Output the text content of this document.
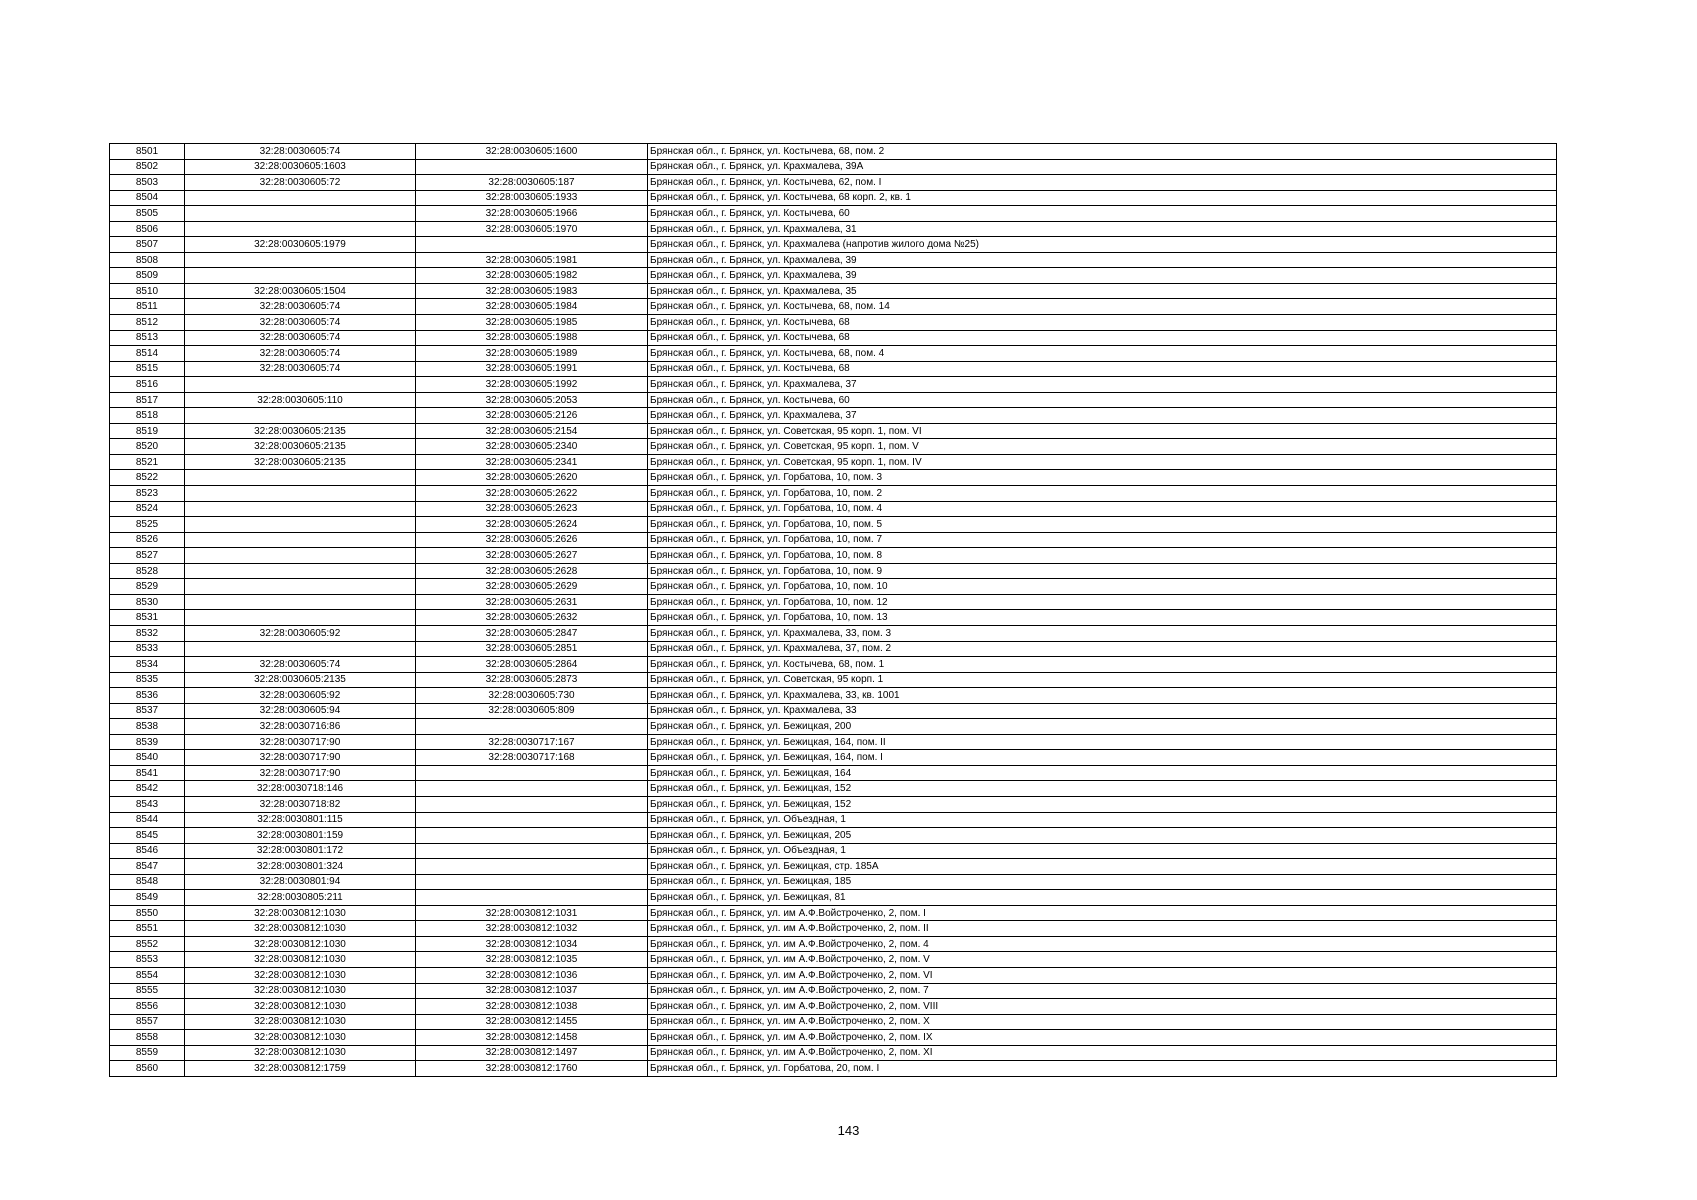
8501	32:28:0030605:74	32:28:0030605:1600	Брянская обл., г. Брянск, ул. Костычева, 68, пом. 2
8502	32:28:0030605:1603		Брянская обл., г. Брянск, ул. Крахмалева, 39А
8503	32:28:0030605:72	32:28:0030605:187	Брянская обл., г. Брянск, ул. Костычева, 62, пом. I
8504		32:28:0030605:1933	Брянская обл., г. Брянск, ул. Костычева, 68 корп. 2, кв. 1
8505		32:28:0030605:1966	Брянская обл., г. Брянск, ул. Костычева, 60
8506		32:28:0030605:1970	Брянская обл., г. Брянск, ул. Крахмалева, 31
8507	32:28:0030605:1979		Брянская обл., г. Брянск, ул. Крахмалева (напротив жилого дома №25)
8508		32:28:0030605:1981	Брянская обл., г. Брянск, ул. Крахмалева, 39
8509		32:28:0030605:1982	Брянская обл., г. Брянск, ул. Крахмалева, 39
8510	32:28:0030605:1504	32:28:0030605:1983	Брянская обл., г. Брянск, ул. Крахмалева, 35
8511	32:28:0030605:74	32:28:0030605:1984	Брянская обл., г. Брянск, ул. Костычева, 68, пом. 14
8512	32:28:0030605:74	32:28:0030605:1985	Брянская обл., г. Брянск, ул. Костычева, 68
8513	32:28:0030605:74	32:28:0030605:1988	Брянская обл., г. Брянск, ул. Костычева, 68
8514	32:28:0030605:74	32:28:0030605:1989	Брянская обл., г. Брянск, ул. Костычева, 68, пом. 4
8515	32:28:0030605:74	32:28:0030605:1991	Брянская обл., г. Брянск, ул. Костычева, 68
8516		32:28:0030605:1992	Брянская обл., г. Брянск, ул. Крахмалева, 37
8517	32:28:0030605:110	32:28:0030605:2053	Брянская обл., г. Брянск, ул. Костычева, 60
8518		32:28:0030605:2126	Брянская обл., г. Брянск, ул. Крахмалева, 37
8519	32:28:0030605:2135	32:28:0030605:2154	Брянская обл., г. Брянск, ул. Советская, 95 корп. 1, пом. VI
8520	32:28:0030605:2135	32:28:0030605:2340	Брянская обл., г. Брянск, ул. Советская, 95 корп. 1, пом. V
8521	32:28:0030605:2135	32:28:0030605:2341	Брянская обл., г. Брянск, ул. Советская, 95 корп. 1, пом. IV
8522		32:28:0030605:2620	Брянская обл., г. Брянск, ул. Горбатова, 10, пом. 3
8523		32:28:0030605:2622	Брянская обл., г. Брянск, ул. Горбатова, 10, пом. 2
8524		32:28:0030605:2623	Брянская обл., г. Брянск, ул. Горбатова, 10, пом. 4
8525		32:28:0030605:2624	Брянская обл., г. Брянск, ул. Горбатова, 10, пом. 5
8526		32:28:0030605:2626	Брянская обл., г. Брянск, ул. Горбатова, 10, пом. 7
8527		32:28:0030605:2627	Брянская обл., г. Брянск, ул. Горбатова, 10, пом. 8
8528		32:28:0030605:2628	Брянская обл., г. Брянск, ул. Горбатова, 10, пом. 9
8529		32:28:0030605:2629	Брянская обл., г. Брянск, ул. Горбатова, 10, пом. 10
8530		32:28:0030605:2631	Брянская обл., г. Брянск, ул. Горбатова, 10, пом. 12
8531		32:28:0030605:2632	Брянская обл., г. Брянск, ул. Горбатова, 10, пом. 13
8532	32:28:0030605:92	32:28:0030605:2847	Брянская обл., г. Брянск, ул. Крахмалева, 33, пом. 3
8533		32:28:0030605:2851	Брянская обл., г. Брянск, ул. Крахмалева, 37, пом. 2
8534	32:28:0030605:74	32:28:0030605:2864	Брянская обл., г. Брянск, ул. Костычева, 68, пом. 1
8535	32:28:0030605:2135	32:28:0030605:2873	Брянская обл., г. Брянск, ул. Советская, 95 корп. 1
8536	32:28:0030605:92	32:28:0030605:730	Брянская обл., г. Брянск, ул. Крахмалева, 33, кв. 1001
8537	32:28:0030605:94	32:28:0030605:809	Брянская обл., г. Брянск, ул. Крахмалева, 33
8538	32:28:0030716:86		Брянская обл., г. Брянск, ул. Бежицкая, 200
8539	32:28:0030717:90	32:28:0030717:167	Брянская обл., г. Брянск, ул. Бежицкая, 164, пом. II
8540	32:28:0030717:90	32:28:0030717:168	Брянская обл., г. Брянск, ул. Бежицкая, 164, пом. I
8541	32:28:0030717:90		Брянская обл., г. Брянск, ул. Бежицкая, 164
8542	32:28:0030718:146		Брянская обл., г. Брянск, ул. Бежицкая, 152
8543	32:28:0030718:82		Брянская обл., г. Брянск, ул. Бежицкая, 152
8544	32:28:0030801:115		Брянская обл., г. Брянск, ул. Объездная, 1
8545	32:28:0030801:159		Брянская обл., г. Брянск, ул. Бежицкая, 205
8546	32:28:0030801:172		Брянская обл., г. Брянск, ул. Объездная, 1
8547	32:28:0030801:324		Брянская обл., г. Брянск, ул. Бежицкая, стр. 185А
8548	32:28:0030801:94		Брянская обл., г. Брянск, ул. Бежицкая, 185
8549	32:28:0030805:211		Брянская обл., г. Брянск, ул. Бежицкая, 81
8550	32:28:0030812:1030	32:28:0030812:1031	Брянская обл., г. Брянск, ул. им А.Ф.Войстроченко, 2, пом. I
8551	32:28:0030812:1030	32:28:0030812:1032	Брянская обл., г. Брянск, ул. им А.Ф.Войстроченко, 2, пом. II
8552	32:28:0030812:1030	32:28:0030812:1034	Брянская обл., г. Брянск, ул. им А.Ф.Войстроченко, 2, пом. 4
8553	32:28:0030812:1030	32:28:0030812:1035	Брянская обл., г. Брянск, ул. им А.Ф.Войстроченко, 2, пом. V
8554	32:28:0030812:1030	32:28:0030812:1036	Брянская обл., г. Брянск, ул. им А.Ф.Войстроченко, 2, пом. VI
8555	32:28:0030812:1030	32:28:0030812:1037	Брянская обл., г. Брянск, ул. им А.Ф.Войстроченко, 2, пом. 7
8556	32:28:0030812:1030	32:28:0030812:1038	Брянская обл., г. Брянск, ул. им А.Ф.Войстроченко, 2, пом. VIII
8557	32:28:0030812:1030	32:28:0030812:1455	Брянская обл., г. Брянск, ул. им А.Ф.Войстроченко, 2, пом. X
8558	32:28:0030812:1030	32:28:0030812:1458	Брянская обл., г. Брянск, ул. им А.Ф.Войстроченко, 2, пом. IX
8559	32:28:0030812:1030	32:28:0030812:1497	Брянская обл., г. Брянск, ул. им А.Ф.Войстроченко, 2, пом. XI
8560	32:28:0030812:1759	32:28:0030812:1760	Брянская обл., г. Брянск, ул. Горбатова, 20, пом. I
143
